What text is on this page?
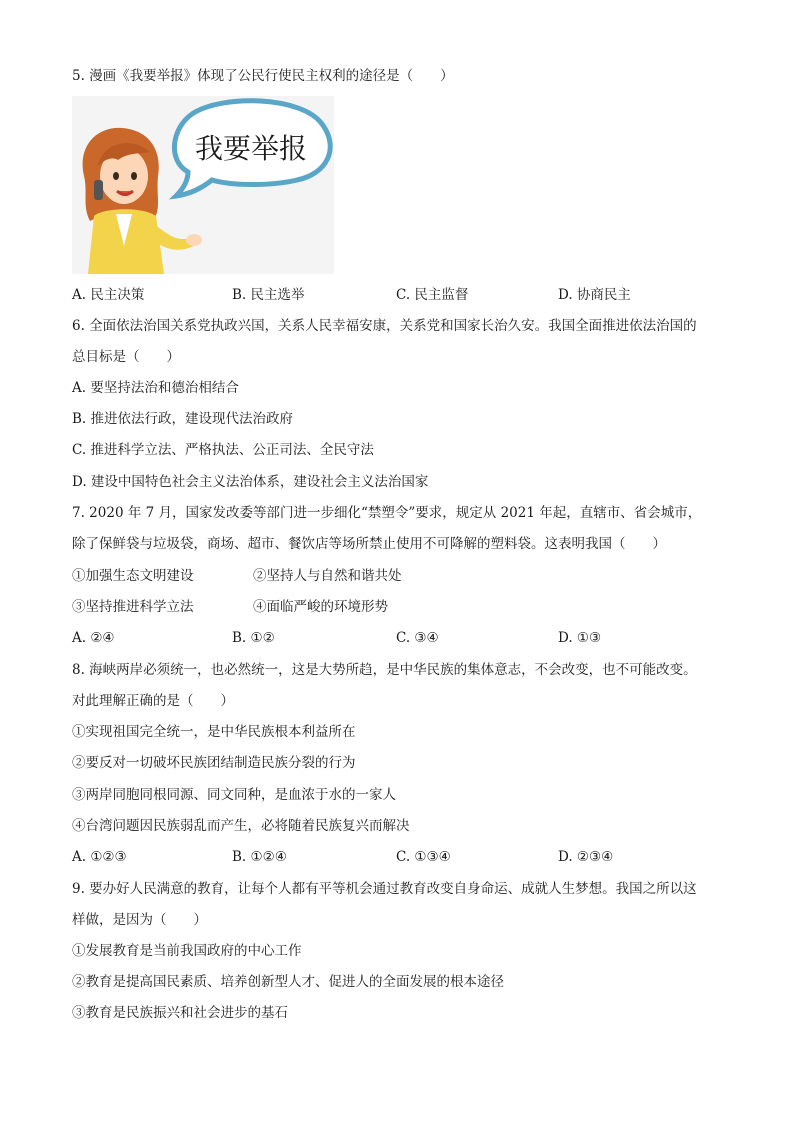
5. 漫画《我要举报》体现了公民行使民主权利的途径是（　　）
我要举报
A. 民主决策	B. 民主选举	C. 民主监督	D. 协商民主
6. 全面依法治国关系党执政兴国，关系人民幸福安康，关系党和国家长治久安。我国全面推进依法治国的
总目标是（　　）
A. 要坚持法治和德治相结合
B. 推进依法行政，建设现代法治政府
C. 推进科学立法、严格执法、公正司法、全民守法
D. 建设中国特色社会主义法治体系，建设社会主义法治国家
7. 2020 年 7 月，国家发改委等部门进一步细化“禁塑令”要求，规定从 2021 年起，直辖市、省会城市，
除了保鲜袋与垃圾袋，商场、超市、餐饮店等场所禁止使用不可降解的塑料袋。这表明我国（　　）
①加强生态文明建设	②坚持人与自然和谐共处
③坚持推进科学立法	④面临严峻的环境形势
A. ②④	B. ①②	C. ③④	D. ①③
8. 海峡两岸必须统一，也必然统一，这是大势所趋，是中华民族的集体意志，不会改变，也不可能改变。
对此理解正确的是（　　）
①实现祖国完全统一，是中华民族根本利益所在
②要反对一切破坏民族团结制造民族分裂的行为
③两岸同胞同根同源、同文同种，是血浓于水的一家人
④台湾问题因民族弱乱而产生，必将随着民族复兴而解决
A. ①②③	B. ①②④	C. ①③④	D. ②③④
9. 要办好人民满意的教育，让每个人都有平等机会通过教育改变自身命运、成就人生梦想。我国之所以这
样做，是因为（　　）
①发展教育是当前我国政府的中心工作
②教育是提高国民素质、培养创新型人才、促进人的全面发展的根本途径
③教育是民族振兴和社会进步的基石
